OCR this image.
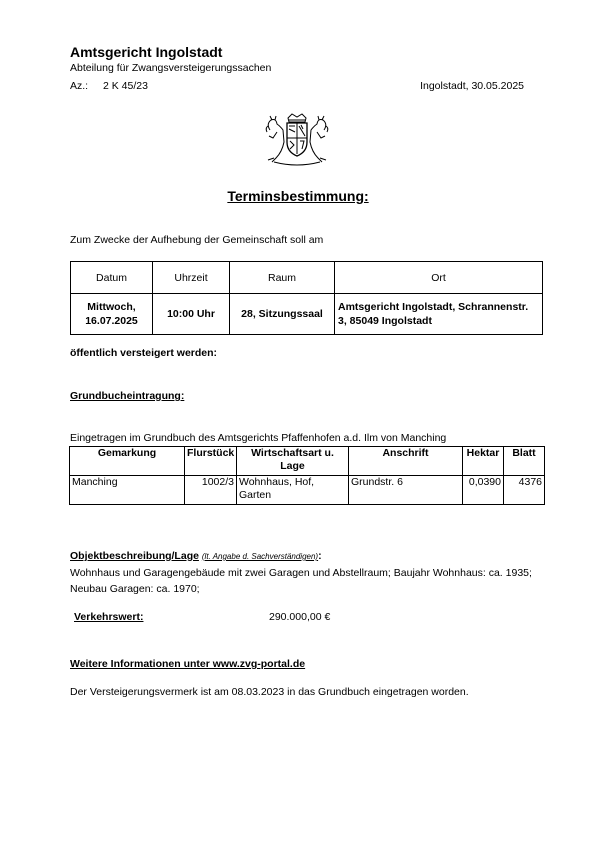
Amtsgericht Ingolstadt
Abteilung für Zwangsversteigerungssachen
Az.: 2 K 45/23	Ingolstadt, 30.05.2025
Terminsbestimmung:
Zum Zwecke der Aufhebung der Gemeinschaft soll am
Datum	Uhrzeit	Raum	Ort
Mittwoch, 16.07.2025	10:00 Uhr	28, Sitzungssaal	Amtsgericht Ingolstadt, Schrannenstr. 3, 85049 Ingolstadt
öffentlich versteigert werden:
Grundbucheintragung:
Eingetragen im Grundbuch des Amtsgerichts Pfaffenhofen a.d. Ilm von Manching
Gemarkung	Flurstück	Wirtschaftsart u. Lage	Anschrift	Hektar	Blatt
Manching	1002/3	Wohnhaus, Hof, Garten	Grundstr. 6	0,0390	4376
Objektbeschreibung/Lage (lt. Angabe d. Sachverständigen):
Wohnhaus und Garagengebäude mit zwei Garagen und Abstellraum; Baujahr Wohnhaus: ca. 1935; Neubau Garagen: ca. 1970;
Verkehrswert:	290.000,00 €
Weitere Informationen unter www.zvg-portal.de
Der Versteigerungsvermerk ist am 08.03.2023 in das Grundbuch eingetragen worden.
